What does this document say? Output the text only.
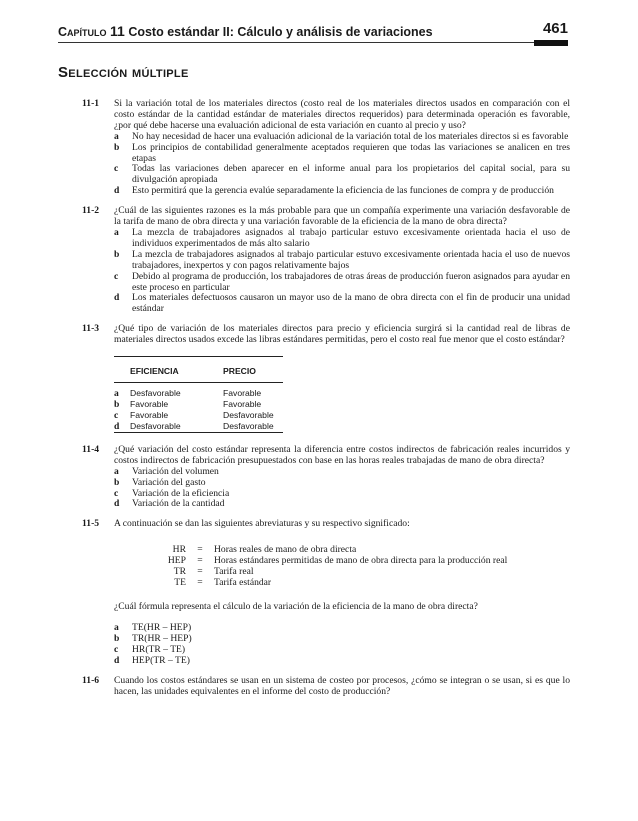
Capítulo 11 Costo estándar II: Cálculo y análisis de variaciones	461
Selección múltiple
11-1 Si la variación total de los materiales directos (costo real de los materiales directos usados en comparación con el costo estándar de la cantidad estándar de materiales directos requeridos) para determinada operación es favorable, ¿por qué debe hacerse una evaluación adicional de esta variación en cuanto al precio y uso?
a No hay necesidad de hacer una evaluación adicional de la variación total de los materiales directos si es favorable
b Los principios de contabilidad generalmente aceptados requieren que todas las variaciones se analicen en tres etapas
c Todas las variaciones deben aparecer en el informe anual para los propietarios del capital social, para su divulgación apropiada
d Esto permitirá que la gerencia evalúe separadamente la eficiencia de las funciones de compra y de producción
11-2 ¿Cuál de las siguientes razones es la más probable para que un compañía experimente una variación desfavorable de la tarifa de mano de obra directa y una variación favorable de la eficiencia de la mano de obra directa?
a La mezcla de trabajadores asignados al trabajo particular estuvo excesivamente orientada hacia el uso de individuos experimentados de más alto salario
b La mezcla de trabajadores asignados al trabajo particular estuvo excesivamente orientada hacia el uso de nuevos trabajadores, inexpertos y con pagos relativamente bajos
c Debido al programa de producción, los trabajadores de otras áreas de producción fueron asignados para ayudar en este proceso en particular
d Los materiales defectuosos causaron un mayor uso de la mano de obra directa con el fin de producir una unidad estándar
11-3 ¿Qué tipo de variación de los materiales directos para precio y eficiencia surgirá si la cantidad real de libras de materiales directos usados excede las libras estándares permitidas, pero el costo real fue menor que el costo estándar?
	EFICIENCIA	PRECIO

a	Desfavorable	Favorable
b	Favorable	Favorable
c	Favorable	Desfavorable
d	Desfavorable	Desfavorable
11-4 ¿Qué variación del costo estándar representa la diferencia entre costos indirectos de fabricación reales incurridos y costos indirectos de fabricación presupuestados con base en las horas reales trabajadas de mano de obra directa?
a Variación del volumen
b Variación del gasto
c Variación de la eficiencia
d Variación de la cantidad
11-5 A continuación se dan las siguientes abreviaturas y su respectivo significado:
HR	=	Horas reales de mano de obra directa
HEP	=	Horas estándares permitidas de mano de obra directa para la producción real
TR	=	Tarifa real
TE	=	Tarifa estándar
¿Cuál fórmula representa el cálculo de la variación de la eficiencia de la mano de obra directa?
a TE(HR – HEP)
b TR(HR – HEP)
c HR(TR – TE)
d HEP(TR – TE)
11-6 Cuando los costos estándares se usan en un sistema de costeo por procesos, ¿cómo se integran o se usan, si es que lo hacen, las unidades equivalentes en el informe del costo de producción?
